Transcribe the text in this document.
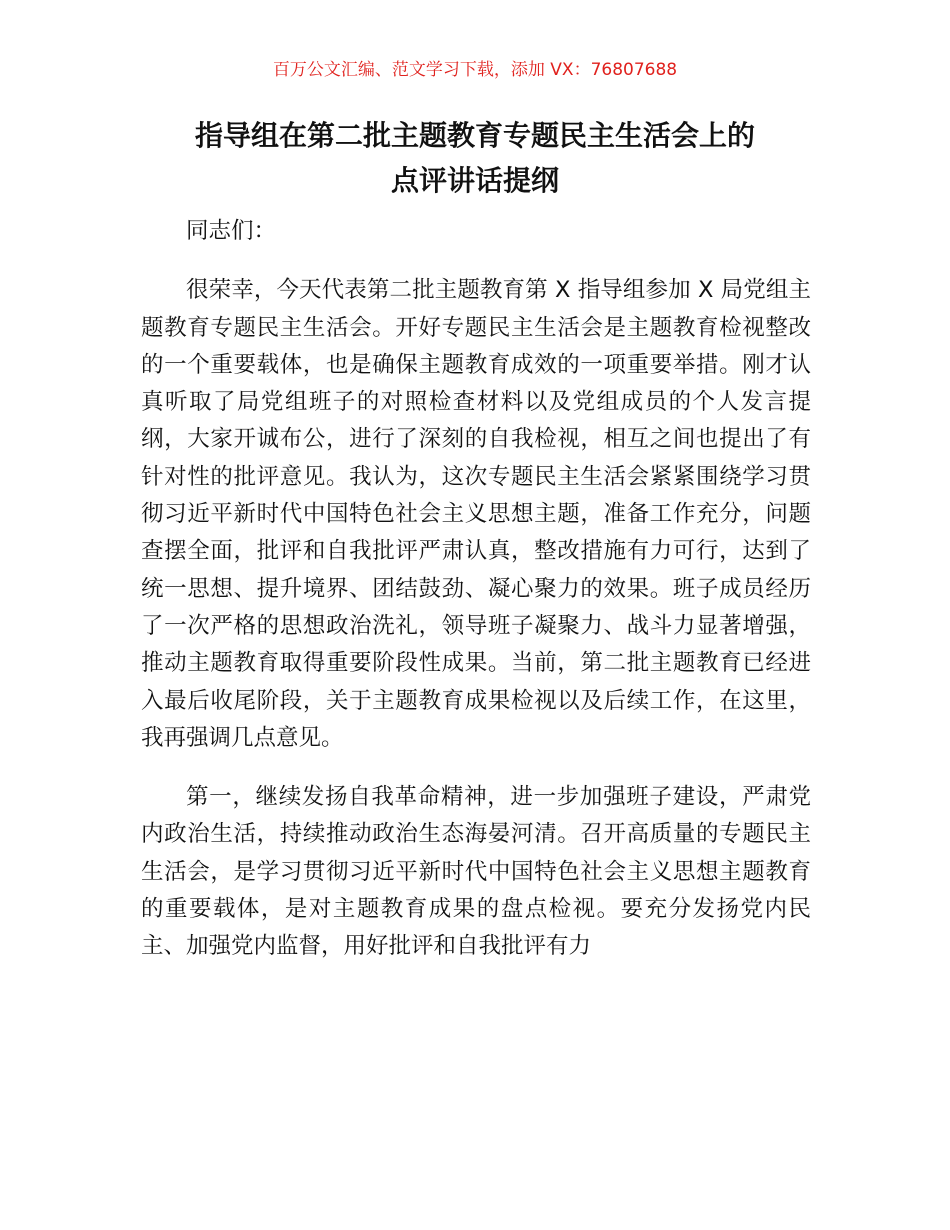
百万公文汇编、范文学习下载，添加 VX：76807688
指导组在第二批主题教育专题民主生活会上的
点评讲话提纲

同志们：

很荣幸，今天代表第二批主题教育第 X 指导组参加 X 局党组主题教育专题民主生活会。开好专题民主生活会是主题教育检视整改的一个重要载体，也是确保主题教育成效的一项重要举措。刚才认真听取了局党组班子的对照检查材料以及党组成员的个人发言提纲，大家开诚布公，进行了深刻的自我检视，相互之间也提出了有针对性的批评意见。我认为，这次专题民主生活会紧紧围绕学习贯彻习近平新时代中国特色社会主义思想主题，准备工作充分，问题查摆全面，批评和自我批评严肃认真，整改措施有力可行，达到了统一思想、提升境界、团结鼓劲、凝心聚力的效果。班子成员经历了一次严格的思想政治洗礼，领导班子凝聚力、战斗力显著增强，推动主题教育取得重要阶段性成果。当前，第二批主题教育已经进入最后收尾阶段，关于主题教育成果检视以及后续工作，在这里，我再强调几点意见。

第一，继续发扬自我革命精神，进一步加强班子建设，严肃党内政治生活，持续推动政治生态海晏河清。召开高质量的专题民主生活会，是学习贯彻习近平新时代中国特色社会主义思想主题教育的重要载体，是对主题教育成果的盘点检视。要充分发扬党内民主、加强党内监督，用好批评和自我批评有力
